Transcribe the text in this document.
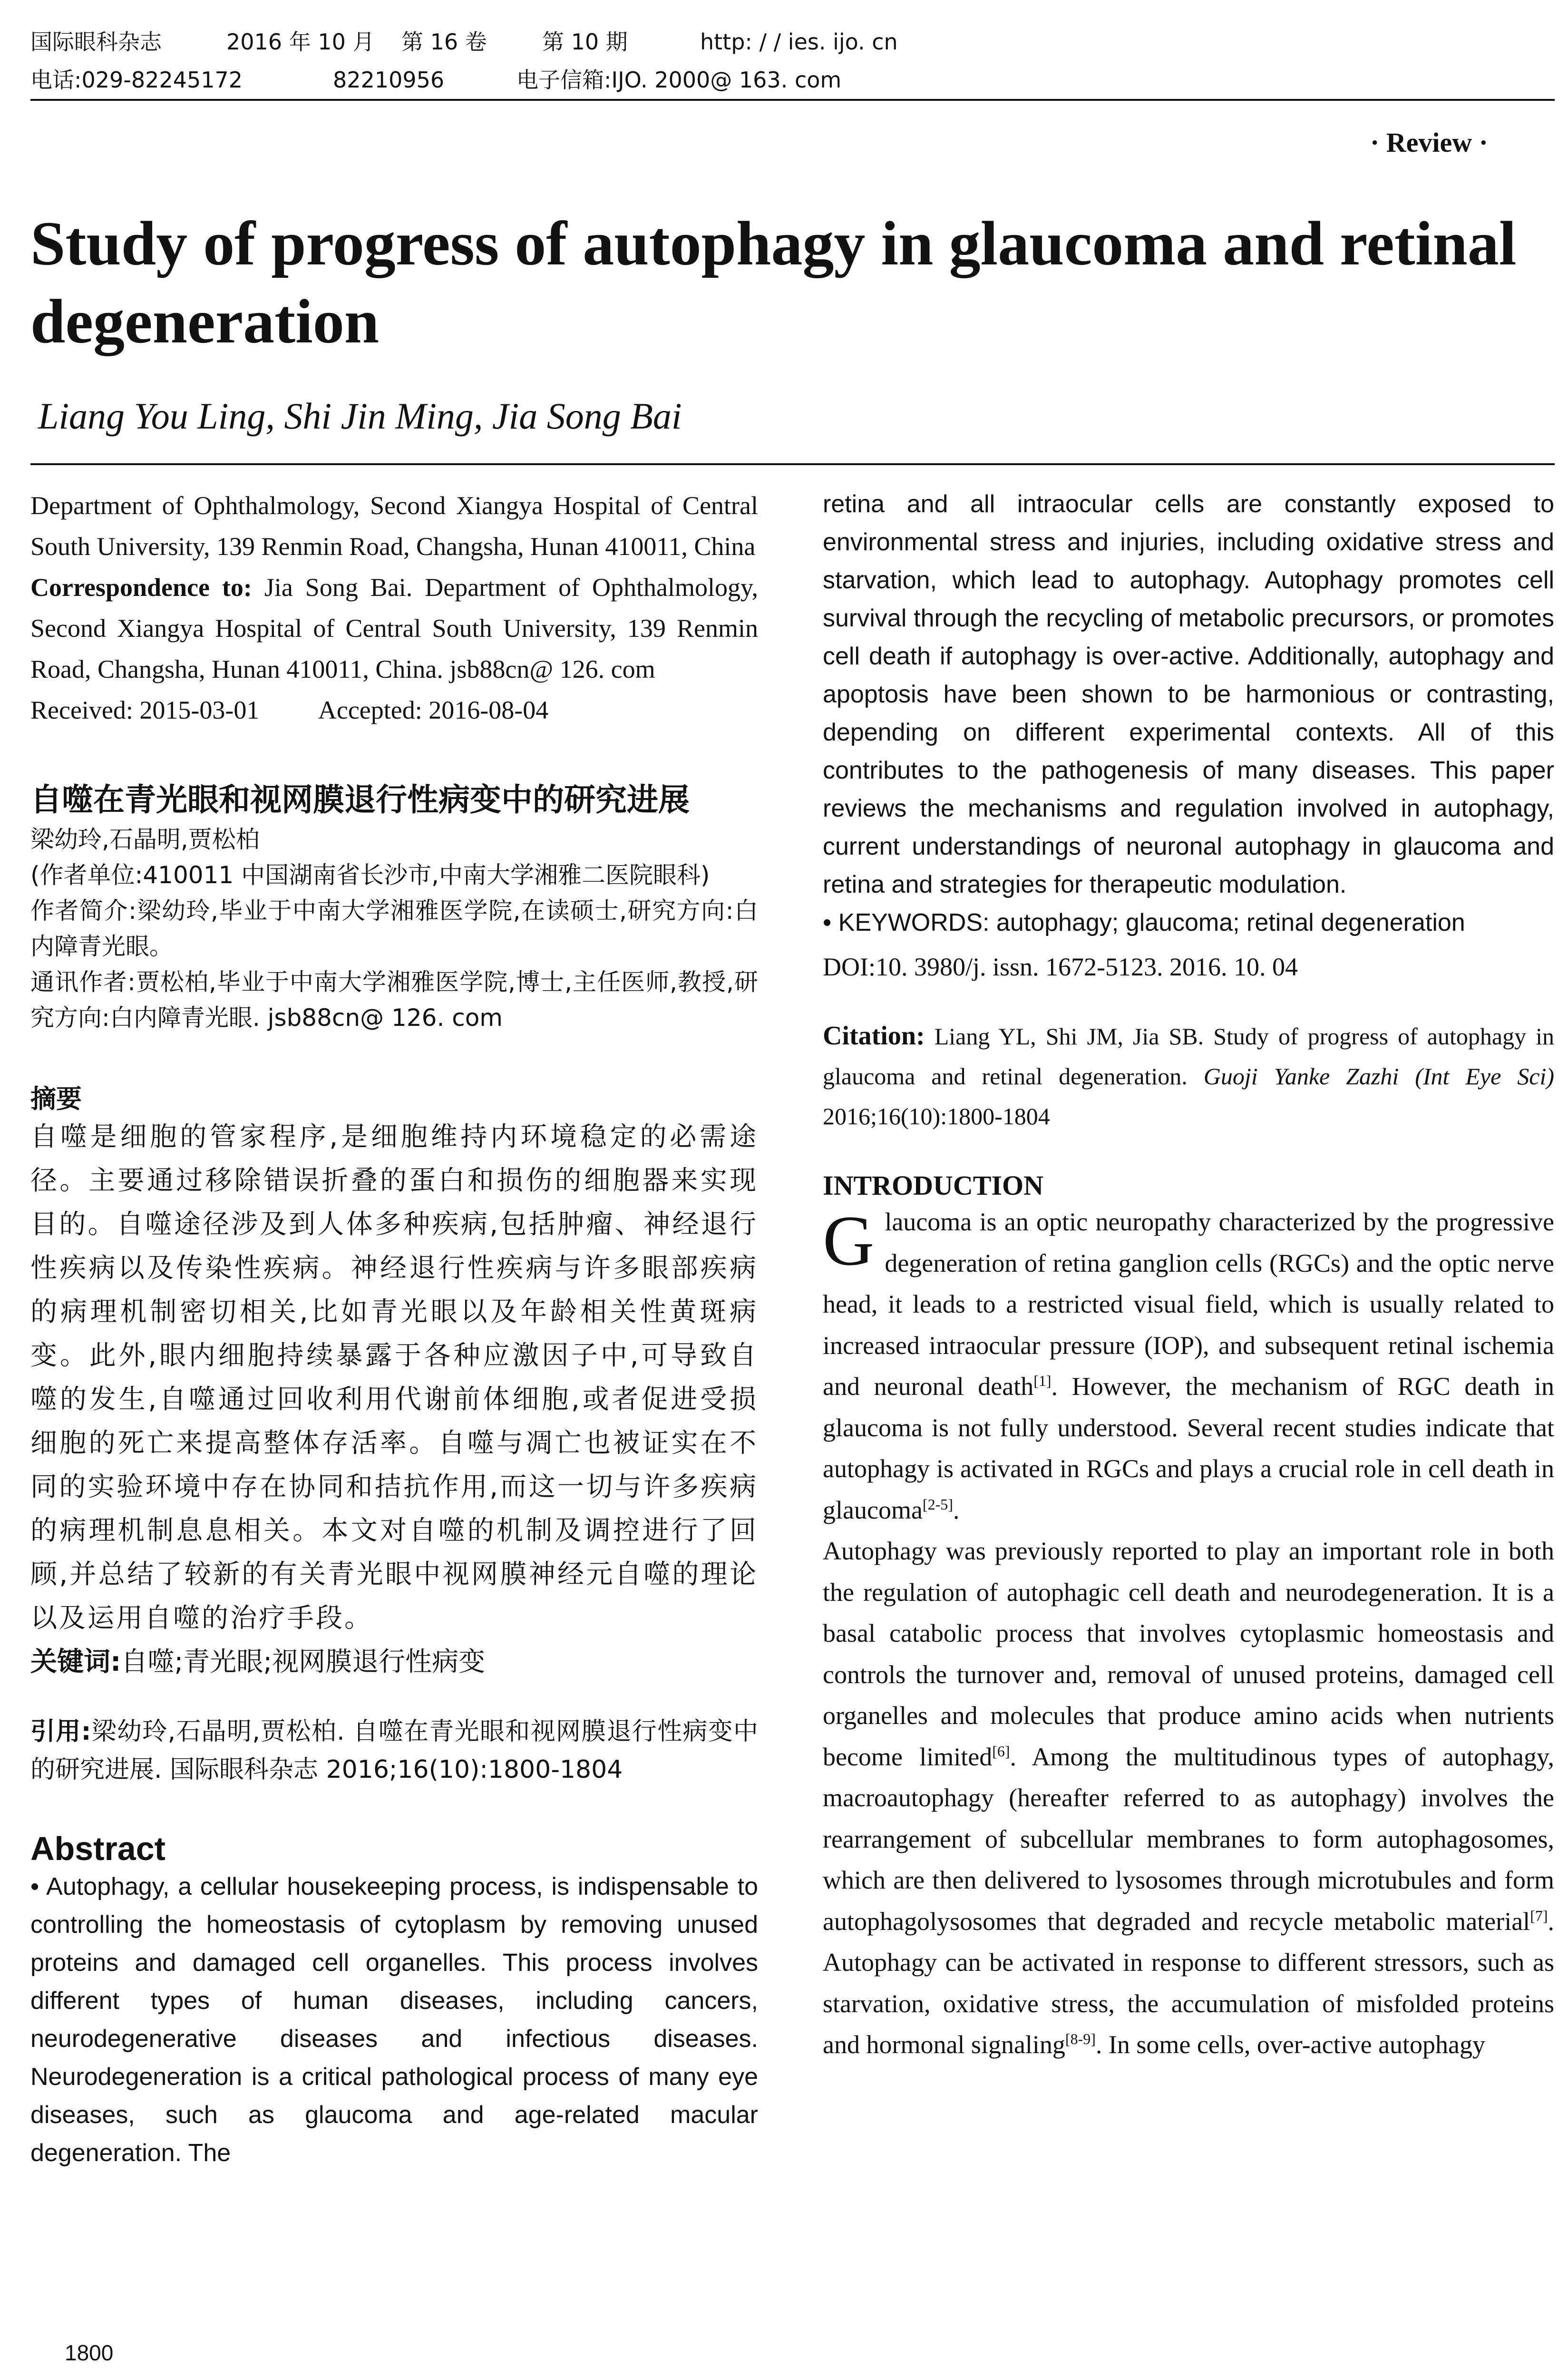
国际眼科杂志	2016 年 10 月 第 16 卷	第 10 期	http: / / ies. ijo. cn
电话:029-82245172	82210956	电子信箱:IJO. 2000@ 163. com
· Review ·
Study of progress of autophagy in glaucoma and retinal degeneration
Liang You Ling, Shi Jin Ming, Jia Song Bai

Department of Ophthalmology, Second Xiangya Hospital of Central South University, 139 Renmin Road, Changsha, Hunan 410011, China

Correspondence to: Jia Song Bai. Department of Ophthalmology, Second Xiangya Hospital of Central South University, 139 Renmin Road, Changsha, Hunan 410011, China. jsb88cn@ 126. com

Received: 2015-03-01 Accepted: 2016-08-04
自噬在青光眼和视网膜退行性病变中的研究进展
梁幼玲,石晶明,贾松柏
(作者单位:410011 中国湖南省长沙市,中南大学湘雅二医院眼科)
作者简介:梁幼玲,毕业于中南大学湘雅医学院,在读硕士,研究方向:白内障青光眼。
通讯作者:贾松柏,毕业于中南大学湘雅医学院,博士,主任医师,教授,研究方向:白内障青光眼. jsb88cn@ 126. com
摘要
自噬是细胞的管家程序,是细胞维持内环境稳定的必需途径。主要通过移除错误折叠的蛋白和损伤的细胞器来实现目的。自噬途径涉及到人体多种疾病,包括肿瘤、神经退行性疾病以及传染性疾病。神经退行性疾病与许多眼部疾病的病理机制密切相关,比如青光眼以及年龄相关性黄斑病变。此外,眼内细胞持续暴露于各种应激因子中,可导致自噬的发生,自噬通过回收利用代谢前体细胞,或者促进受损细胞的死亡来提高整体存活率。自噬与凋亡也被证实在不同的实验环境中存在协同和拮抗作用,而这一切与许多疾病的病理机制息息相关。本文对自噬的机制及调控进行了回顾,并总结了较新的有关青光眼中视网膜神经元自噬的理论以及运用自噬的治疗手段。
关键词:自噬;青光眼;视网膜退行性病变
引用:梁幼玲,石晶明,贾松柏. 自噬在青光眼和视网膜退行性病变中的研究进展. 国际眼科杂志 2016;16(10):1800-1804
Abstract

• Autophagy, a cellular housekeeping process, is indispensable to controlling the homeostasis of cytoplasm by removing unused proteins and damaged cell organelles. This process involves different types of human diseases, including cancers, neurodegenerative diseases and infectious diseases. Neurodegeneration is a critical pathological process of many eye diseases, such as glaucoma and age-related macular degeneration. The

retina and all intraocular cells are constantly exposed to environmental stress and injuries, including oxidative stress and starvation, which lead to autophagy. Autophagy promotes cell survival through the recycling of metabolic precursors, or promotes cell death if autophagy is over-active. Additionally, autophagy and apoptosis have been shown to be harmonious or contrasting, depending on different experimental contexts. All of this contributes to the pathogenesis of many diseases. This paper reviews the mechanisms and regulation involved in autophagy, current understandings of neuronal autophagy in glaucoma and retina and strategies for therapeutic modulation.

• KEYWORDS: autophagy; glaucoma; retinal degeneration

DOI:10. 3980/j. issn. 1672-5123. 2016. 10. 04

Citation: Liang YL, Shi JM, Jia SB. Study of progress of autophagy in glaucoma and retinal degeneration. Guoji Yanke Zazhi (Int Eye Sci) 2016;16(10):1800-1804

INTRODUCTION

Glaucoma is an optic neuropathy characterized by the progressive degeneration of retina ganglion cells (RGCs) and the optic nerve head, it leads to a restricted visual field, which is usually related to increased intraocular pressure (IOP), and subsequent retinal ischemia and neuronal death[1]. However, the mechanism of RGC death in glaucoma is not fully understood. Several recent studies indicate that autophagy is activated in RGCs and plays a crucial role in cell death in glaucoma[2-5].

Autophagy was previously reported to play an important role in both the regulation of autophagic cell death and neurodegeneration. It is a basal catabolic process that involves cytoplasmic homeostasis and controls the turnover and, removal of unused proteins, damaged cell organelles and molecules that produce amino acids when nutrients become limited[6]. Among the multitudinous types of autophagy, macroautophagy (hereafter referred to as autophagy) involves the rearrangement of subcellular membranes to form autophagosomes, which are then delivered to lysosomes through microtubules and form autophagolysosomes that degraded and recycle metabolic material[7]. Autophagy can be activated in response to different stressors, such as starvation, oxidative stress, the accumulation of misfolded proteins and hormonal signaling[8-9]. In some cells, over-active autophagy

1800
